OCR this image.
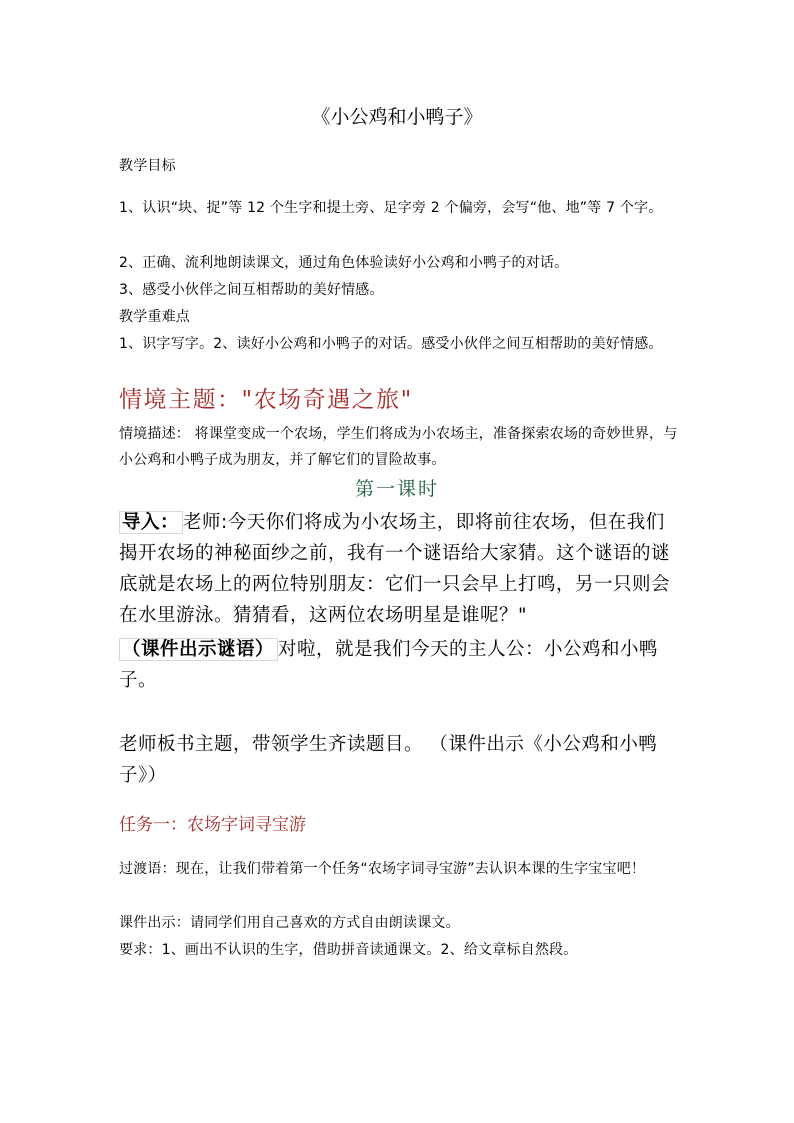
《小公鸡和小鸭子》

教学目标

1、认识“块、捉”等 12 个生字和提土旁、足字旁 2 个偏旁，会写“他、地”等 7 个字。

2、正确、流利地朗读课文，通过角色体验读好小公鸡和小鸭子的对话。

3、感受小伙伴之间互相帮助的美好情感。

教学重难点

1、识字写字。2、读好小公鸡和小鸭子的对话。感受小伙伴之间互相帮助的美好情感。

情境主题："农场奇遇之旅"

情境描述： 将课堂变成一个农场，学生们将成为小农场主，准备探索农场的奇妙世界，与小公鸡和小鸭子成为朋友，并了解它们的冒险故事。

第一课时

导入： 老师:今天你们将成为小农场主，即将前往农场，但在我们揭开农场的神秘面纱之前，我有一个谜语给大家猜。这个谜语的谜底就是农场上的两位特别朋友：它们一只会早上打鸣，另一只则会在水里游泳。猜猜看，这两位农场明星是谁呢？"

（课件出示谜语） 对啦，就是我们今天的主人公：小公鸡和小鸭子。

老师板书主题，带领学生齐读题目。 （课件出示《小公鸡和小鸭子》）

任务一：农场字词寻宝游

过渡语：现在，让我们带着第一个任务“农场字词寻宝游”去认识本课的生字宝宝吧！

课件出示：请同学们用自己喜欢的方式自由朗读课文。

要求：1、画出不认识的生字，借助拼音读通课文。2、给文章标自然段。
